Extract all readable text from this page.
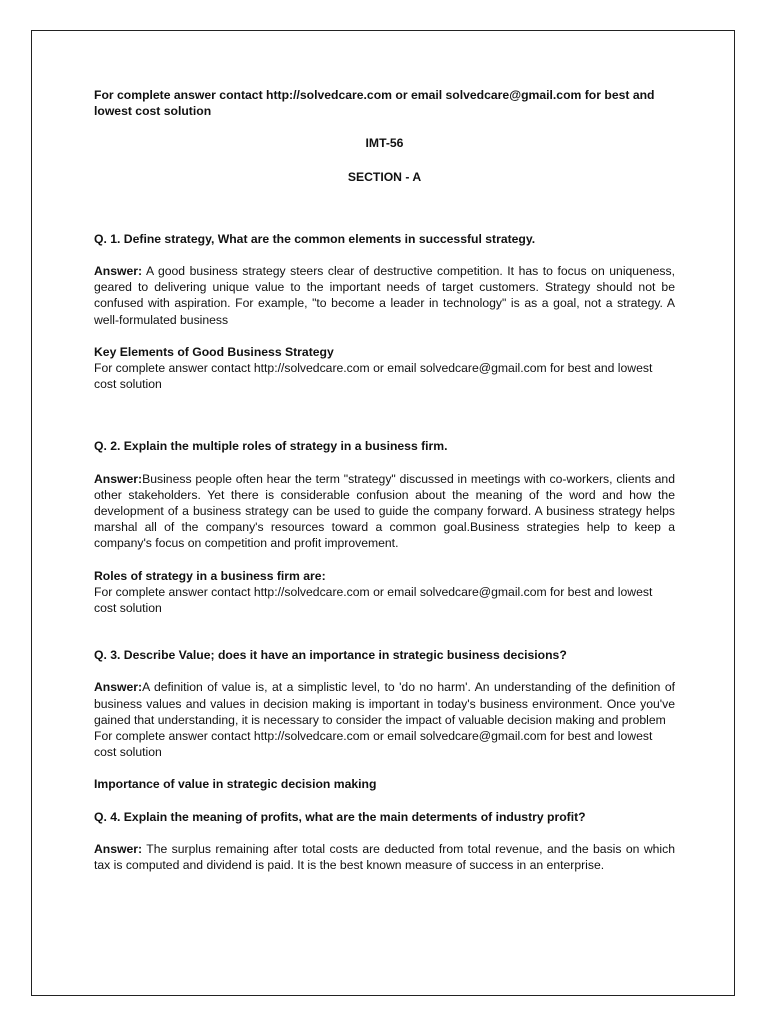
For complete answer contact http://solvedcare.com or email solvedcare@gmail.com for best and lowest cost solution

IMT-56

SECTION - A

Q. 1. Define strategy, What are the common elements in successful strategy.

Answer: A good business strategy steers clear of destructive competition. It has to focus on uniqueness, geared to delivering unique value to the important needs of target customers. Strategy should not be confused with aspiration. For example, "to become a leader in technology" is as a goal, not a strategy. A well-formulated business

Key Elements of Good Business Strategy

For complete answer contact http://solvedcare.com or email solvedcare@gmail.com for best and lowest cost solution

Q. 2. Explain the multiple roles of strategy in a business firm.

Answer:Business people often hear the term "strategy" discussed in meetings with co-workers, clients and other stakeholders. Yet there is considerable confusion about the meaning of the word and how the development of a business strategy can be used to guide the company forward. A business strategy helps marshal all of the company's resources toward a common goal.Business strategies help to keep a company's focus on competition and profit improvement.

Roles of strategy in a business firm are:

For complete answer contact http://solvedcare.com or email solvedcare@gmail.com for best and lowest cost solution

Q. 3. Describe Value; does it have an importance in strategic business decisions?

Answer:A definition of value is, at a simplistic level, to 'do no harm'. An understanding of the definition of business values and values in decision making is important in today's business environment. Once you've gained that understanding, it is necessary to consider the impact of valuable decision making and problem

For complete answer contact http://solvedcare.com or email solvedcare@gmail.com for best and lowest cost solution

Importance of value in strategic decision making

Q. 4. Explain the meaning of profits, what are the main determents of industry profit?

Answer: The surplus remaining after total costs are deducted from total revenue, and the basis on which tax is computed and dividend is paid. It is the best known measure of success in an enterprise.
